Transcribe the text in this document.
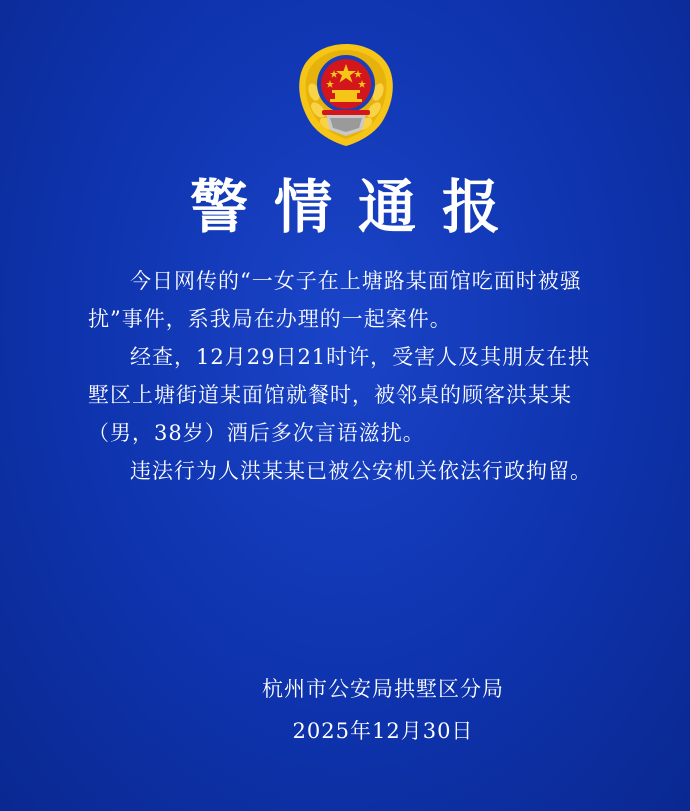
警情通报

今日网传的“一女子在上塘路某面馆吃面时被骚扰”事件，系我局在办理的一起案件。

经查，12月29日21时许，受害人及其朋友在拱墅区上塘街道某面馆就餐时，被邻桌的顾客洪某某（男，38岁）酒后多次言语滋扰。

违法行为人洪某某已被公安机关依法行政拘留。

杭州市公安局拱墅区分局
2025年12月30日
